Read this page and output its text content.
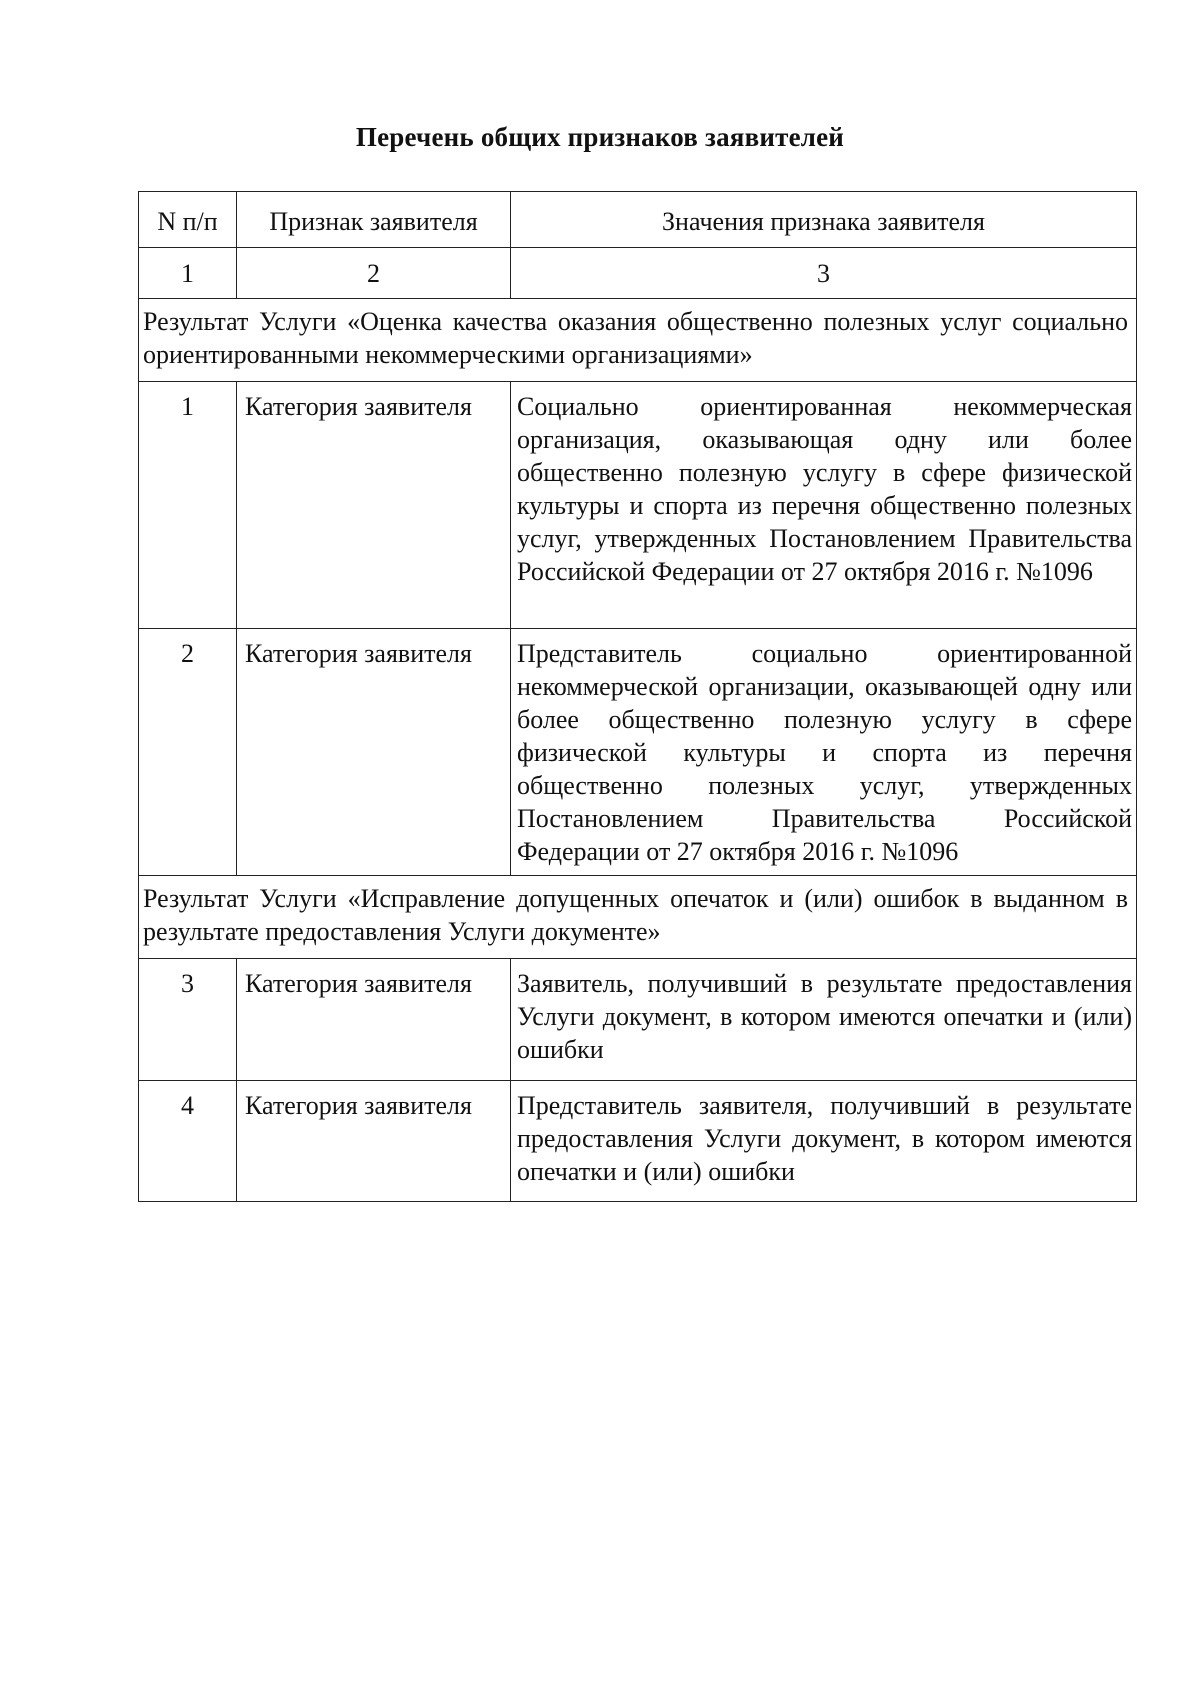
Перечень общих признаков заявителей
N п/п	Признак заявителя	Значения признака заявителя
1	2	3
Результат Услуги «Оценка качества оказания общественно полезных услуг социально ориентированными некоммерческими организациями»		
1	Категория заявителя	Социально ориентированная некоммерческая организация, оказывающая одну или более общественно полезную услугу в сфере физической культуры и спорта из перечня общественно полезных услуг, утвержденных Постановлением Правительства Российской Федерации от 27 октября 2016 г. №1096
2	Категория заявителя	Представитель социально ориентированной некоммерческой организации, оказывающей одну или более общественно полезную услугу в сфере физической культуры и спорта из перечня общественно полезных услуг, утвержденных Постановлением Правительства Российской Федерации от 27 октября 2016 г. №1096
Результат Услуги «Исправление допущенных опечаток и (или) ошибок в выданном в результате предоставления Услуги документе»		
3	Категория заявителя	Заявитель, получивший в результате предоставления Услуги документ, в котором имеются опечатки и (или) ошибки
4	Категория заявителя	Представитель заявителя, получивший в результате предоставления Услуги документ, в котором имеются опечатки и (или) ошибки
